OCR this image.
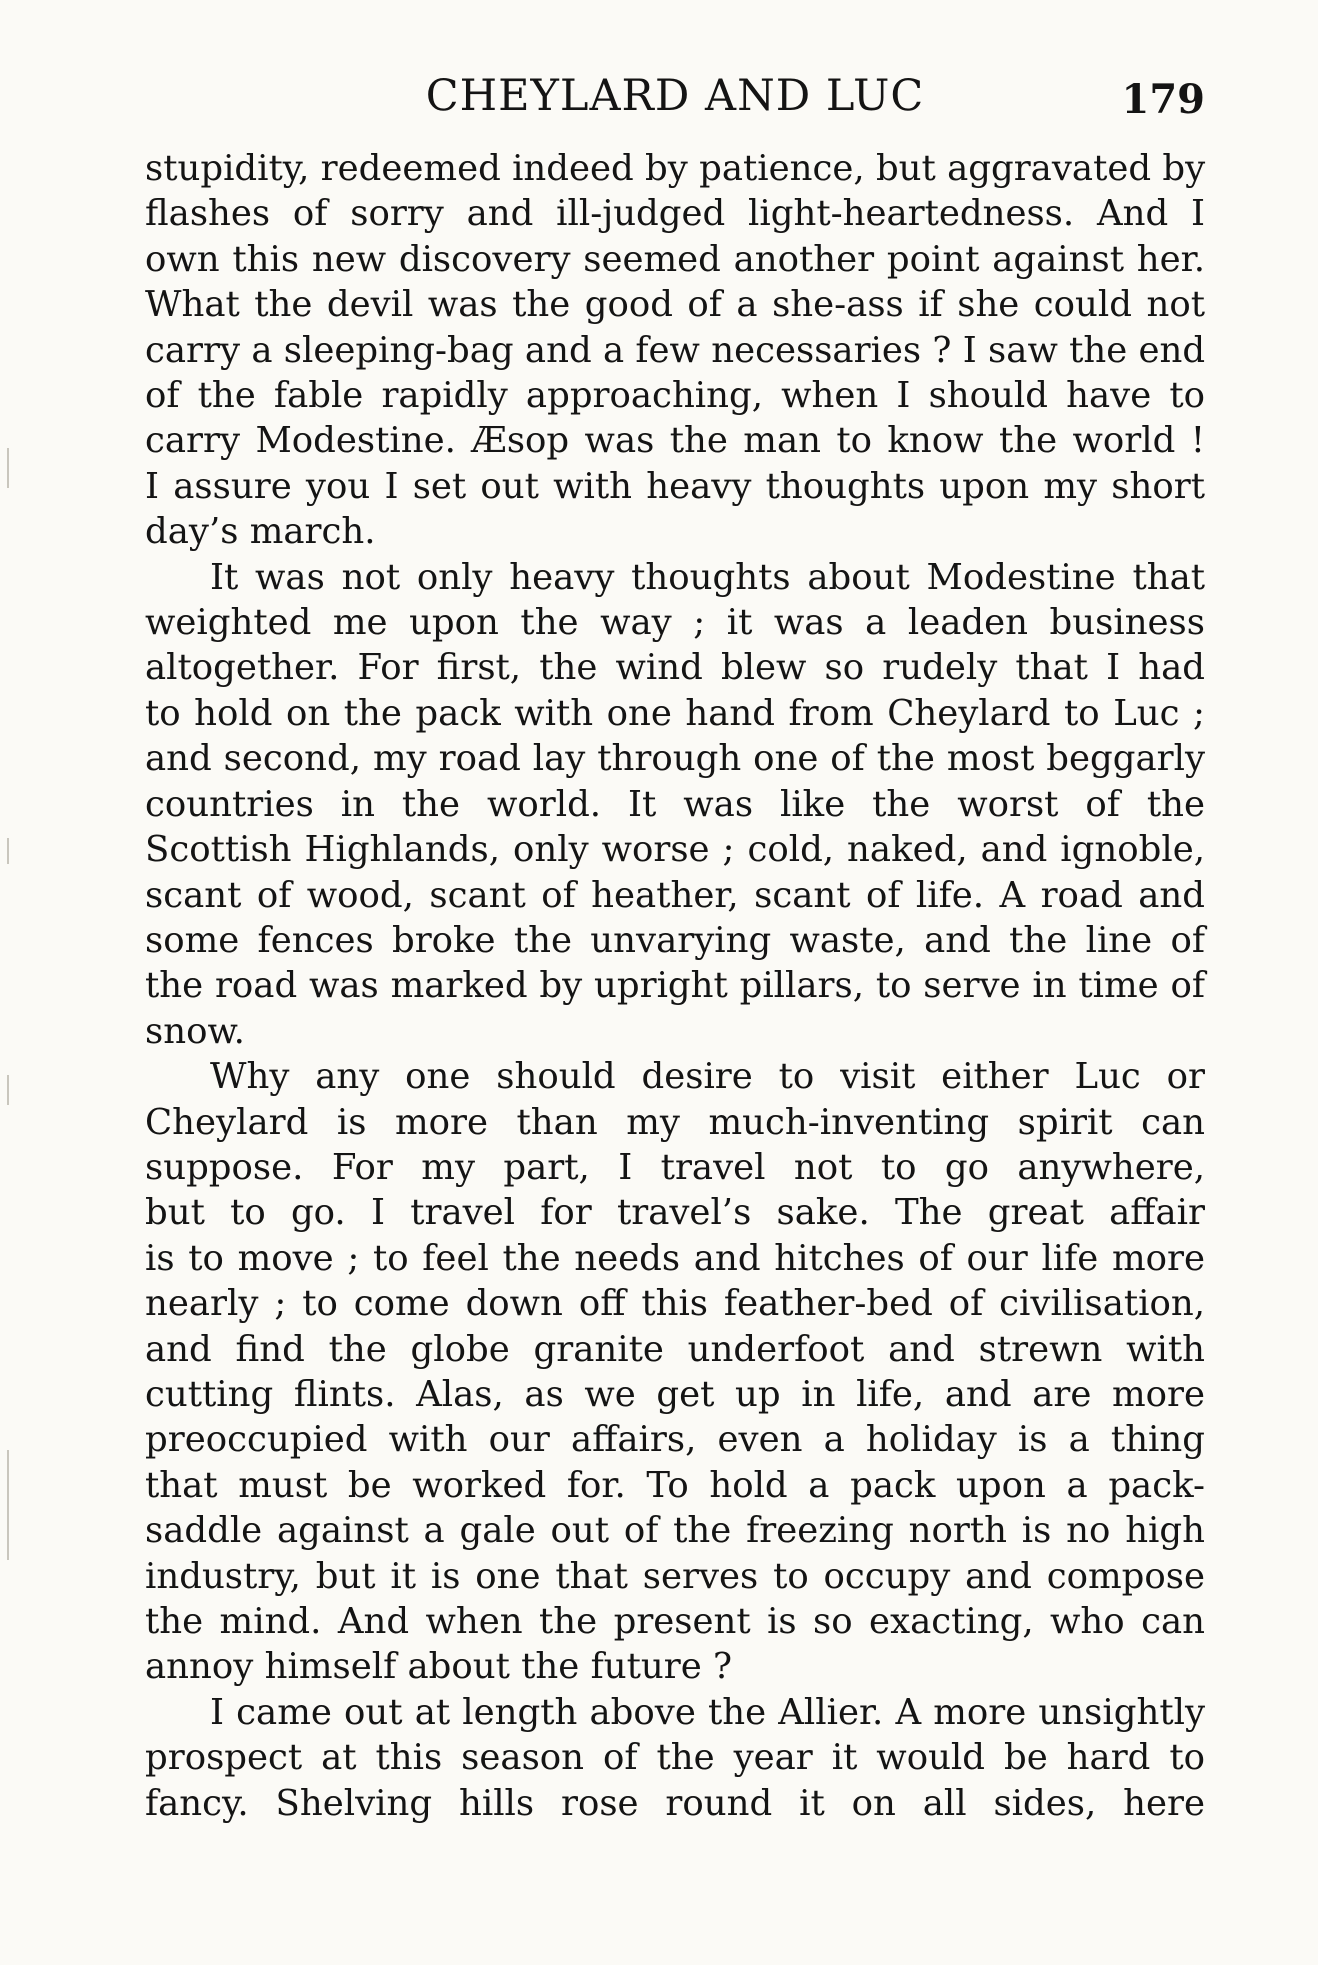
CHEYLARD AND LUC	179
stupidity, redeemed indeed by patience, but aggravated by
flashes of sorry and ill-judged light-heartedness. And I
own this new discovery seemed another point against her.
What the devil was the good of a she-ass if she could not
carry a sleeping-bag and a few necessaries ? I saw the end
of the fable rapidly approaching, when I should have to
carry Modestine. Æsop was the man to know the world !
I assure you I set out with heavy thoughts upon my short
day’s march.
It was not only heavy thoughts about Modestine that
weighted me upon the way ; it was a leaden business
altogether. For first, the wind blew so rudely that I had
to hold on the pack with one hand from Cheylard to Luc ;
and second, my road lay through one of the most beggarly
countries in the world. It was like the worst of the
Scottish Highlands, only worse ; cold, naked, and ignoble,
scant of wood, scant of heather, scant of life. A road and
some fences broke the unvarying waste, and the line of
the road was marked by upright pillars, to serve in time of
snow.
Why any one should desire to visit either Luc or
Cheylard is more than my much-inventing spirit can
suppose. For my part, I travel not to go anywhere,
but to go. I travel for travel’s sake. The great affair
is to move ; to feel the needs and hitches of our life more
nearly ; to come down off this feather-bed of civilisation,
and find the globe granite underfoot and strewn with
cutting flints. Alas, as we get up in life, and are more
preoccupied with our affairs, even a holiday is a thing
that must be worked for. To hold a pack upon a pack-
saddle against a gale out of the freezing north is no high
industry, but it is one that serves to occupy and compose
the mind. And when the present is so exacting, who can
annoy himself about the future ?
I came out at length above the Allier. A more unsightly
prospect at this season of the year it would be hard to
fancy. Shelving hills rose round it on all sides, here
